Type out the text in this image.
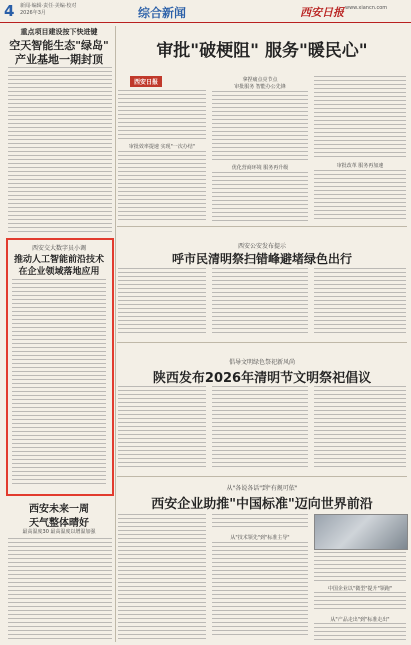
4 新闻·编辑·责任·美编·校对
2026年3月	综合新闻	西安日报 www.xiancn.com
重点项目建设按下快进键
空天智能生态"绿岛"
产业基地一期封顶
西安交大数字员小调
推动人工智能前沿技术
在企业领域落地应用
西安未来一周
天气整体晴好
最高温度30 最高温度以增温加强
审批"破梗阻" 服务"暖民心"
西安日报
审批效率提速 实现"一次办结"
拿捏痛点亮节点
审批服务 智能办公先锋
优化营商环境 服务再升级	审批改革 服务再加速
西安公安发布提示
呼市民清明祭扫错峰避堵绿色出行
倡导文明绿色祭祀新风尚
陕西发布2026年清明节文明祭祀倡议
从"各说各话"到"有规可依"
西安企业助推"中国标准"迈向世界前沿
从"技术领先"到"标准主导"
中国企业以"微型"提升"领跑"
从"产品走出"到"标准走出"
